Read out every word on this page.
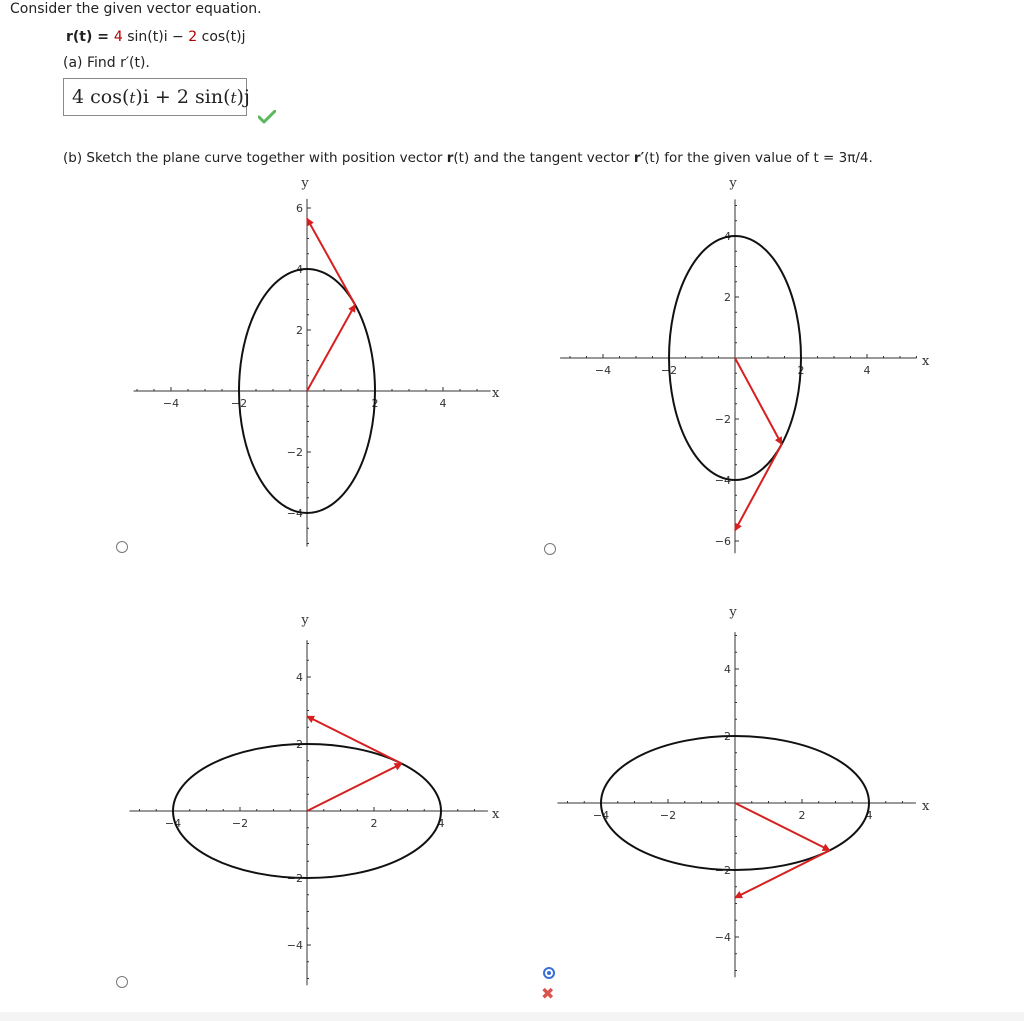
Consider the given vector equation.
r(t) = 4 sin(t)i − 2 cos(t)j
(a) Find r′(t).
4 cos(t)i + 2 sin(t)j
(b) Sketch the plane curve together with position vector r(t) and the tangent vector r′(t) for the given value of t = 3π/4.
−4	−2	2	4
6
4
2
−2
−4
x
y
−4	−2	2	4
4
2
−2
−4
−6
x
y
−4	−2	2	4
4
2
−2
−4
x
y
−4	−2	2	4
4
2
−2
−4
x
y
✖
